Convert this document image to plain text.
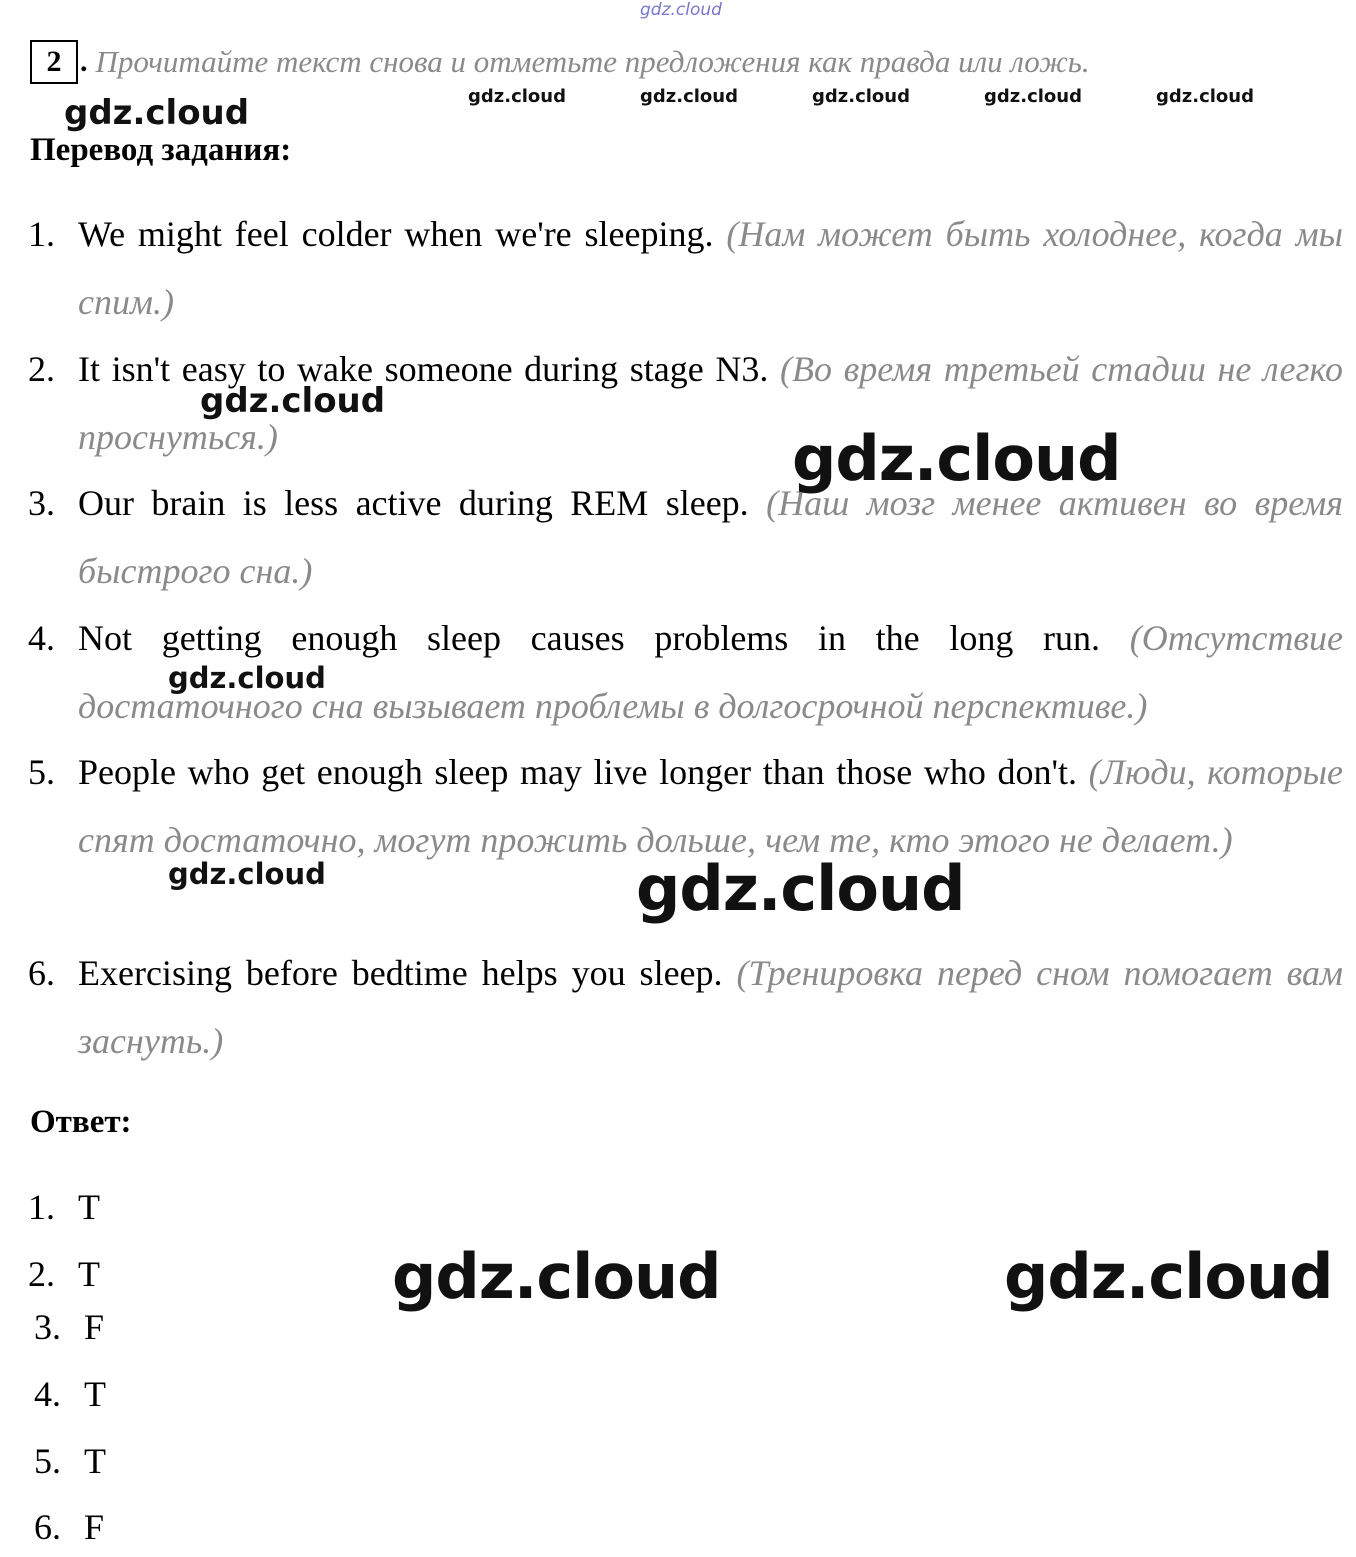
gdz.cloud
gdz.cloud	gdz.cloud	gdz.cloud	gdz.cloud	gdz.cloud
2 . Прочитайте текст снова и отметьте предложения как правда или ложь.
gdz.cloud
Перевод задания:
1. We might feel colder when we're sleeping. (Нам может быть холоднее, когда мы спим.)
2. It isn't easy to wake someone during stage N3. (Во время третьей стадии не легко проснуться.)
3. Our brain is less active during REM sleep. (Наш мозг менее активен во время быстрого сна.)
4. Not getting enough sleep causes problems in the long run. (Отсутствие достаточного сна вызывает проблемы в долгосрочной перспективе.)
5. People who get enough sleep may live longer than those who don't. (Люди, которые спят достаточно, могут прожить дольше, чем те, кто этого не делает.)
6. Exercising before bedtime helps you sleep. (Тренировка перед сном помогает вам заснуть.)
gdz.cloud
gdz.cloud
gdz.cloud
gdz.cloud	gdz.cloud
Ответ:
1. T
2. T
3. F
4. T
5. T
6. F
gdz.cloud	gdz.cloud
